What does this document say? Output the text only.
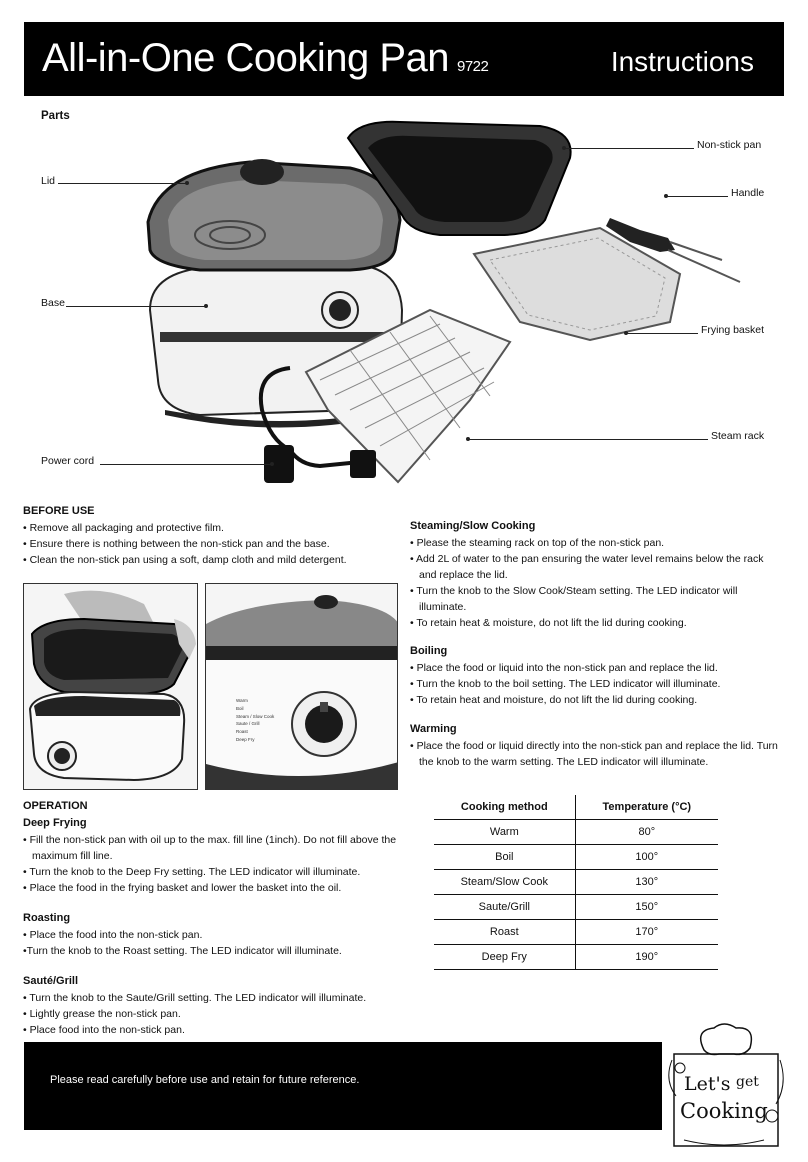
All-in-One Cooking Pan 9722	Instructions
Parts
Lid
Base
Power cord
Non-stick pan
Handle
Frying basket
Steam rack
BEFORE USE
• Remove all packaging and protective film.
• Ensure there is nothing between the non-stick pan and the base.
• Clean the non-stick pan using a soft, damp cloth and mild detergent.
Warm
Boil
Steam / Slow Cook
Saute / Grill
Roast
Deep Fry
Steaming/Slow Cooking
• Please the steaming rack on top of the non-stick pan.
• Add 2L of water to the pan ensuring the water level remains below the rack and replace the lid.
• Turn the knob to the Slow Cook/Steam setting. The LED indicator will illuminate.
• To retain heat & moisture, do not lift the lid during cooking.
Boiling
• Place the food or liquid into the non-stick pan and replace the lid.
• Turn the knob to the boil setting. The LED indicator will illuminate.
• To retain heat and moisture, do not lift the lid during cooking.
Warming
• Place the food or liquid directly into the non-stick pan and replace the lid. Turn the knob to the warm setting. The LED indicator will illuminate.
OPERATION
Deep Frying
• Fill the non-stick pan with oil up to the max. fill line (1inch). Do not fill above the maximum fill line.
• Turn the knob to the Deep Fry setting. The LED indicator will illuminate.
• Place the food in the frying basket and lower the basket into the oil.
Roasting
• Place the food into the non-stick pan.
•Turn the knob to the Roast setting. The LED indicator will illuminate.
Sauté/Grill
• Turn the knob to the Saute/Grill setting. The LED indicator will illuminate.
• Lightly grease the non-stick pan.
• Place food into the non-stick pan.
Cooking method	Temperature (°C)
Warm	80°
Boil	100°
Steam/Slow Cook	130°
Saute/Grill	150°
Roast	170°
Deep Fry	190°
Please read carefully before use and retain for future reference.	Let's get
Cooking
